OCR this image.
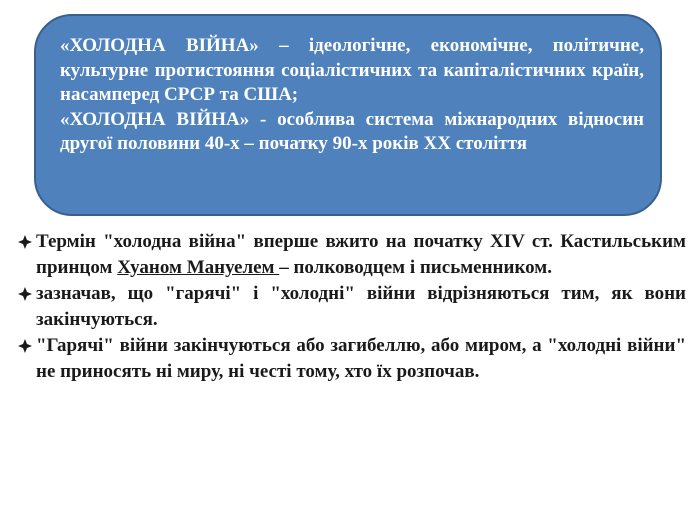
«ХОЛОДНА ВІЙНА» – ідеологічне, економічне, політичне, культурне протистояння соціалістичних та капіталістичних країн, насамперед СРСР та США;

«ХОЛОДНА ВІЙНА» - особлива система міжнародних відносин другої половини 40-х – початку 90-х років ХХ століття

Термін "холодна війна" вперше вжито на початку XIV ст. Кастильським принцом Хуаном Мануелем – полководцем і письменником.

зазначав, що "гарячі" і "холодні" війни відрізняються тим, як вони закінчуються.

"Гарячі" війни закінчуються або загибеллю, або миром, а "холодні війни" не приносять ні миру, ні честі тому, хто їх розпочав.
